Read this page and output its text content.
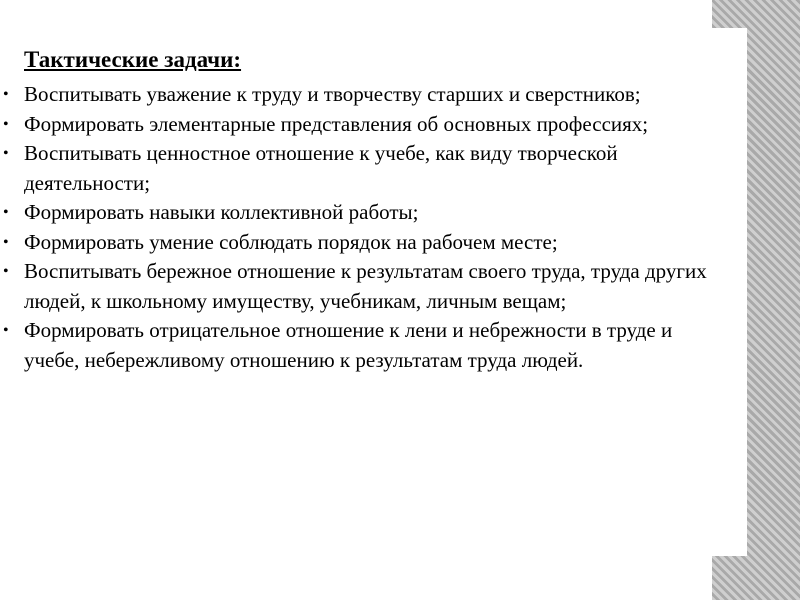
Тактические задачи:
• Воспитывать уважение к труду и творчеству старших и сверстников;
• Формировать элементарные представления об основных профессиях;
• Воспитывать ценностное отношение к учебе, как виду творческой деятельности;
• Формировать навыки коллективной работы;
• Формировать умение соблюдать порядок на рабочем месте;
• Воспитывать бережное отношение к результатам своего труда, труда других людей, к школьному имуществу, учебникам, личным вещам;
• Формировать отрицательное отношение к лени и небрежности в труде и учебе, небережливому отношению к результатам труда людей.
